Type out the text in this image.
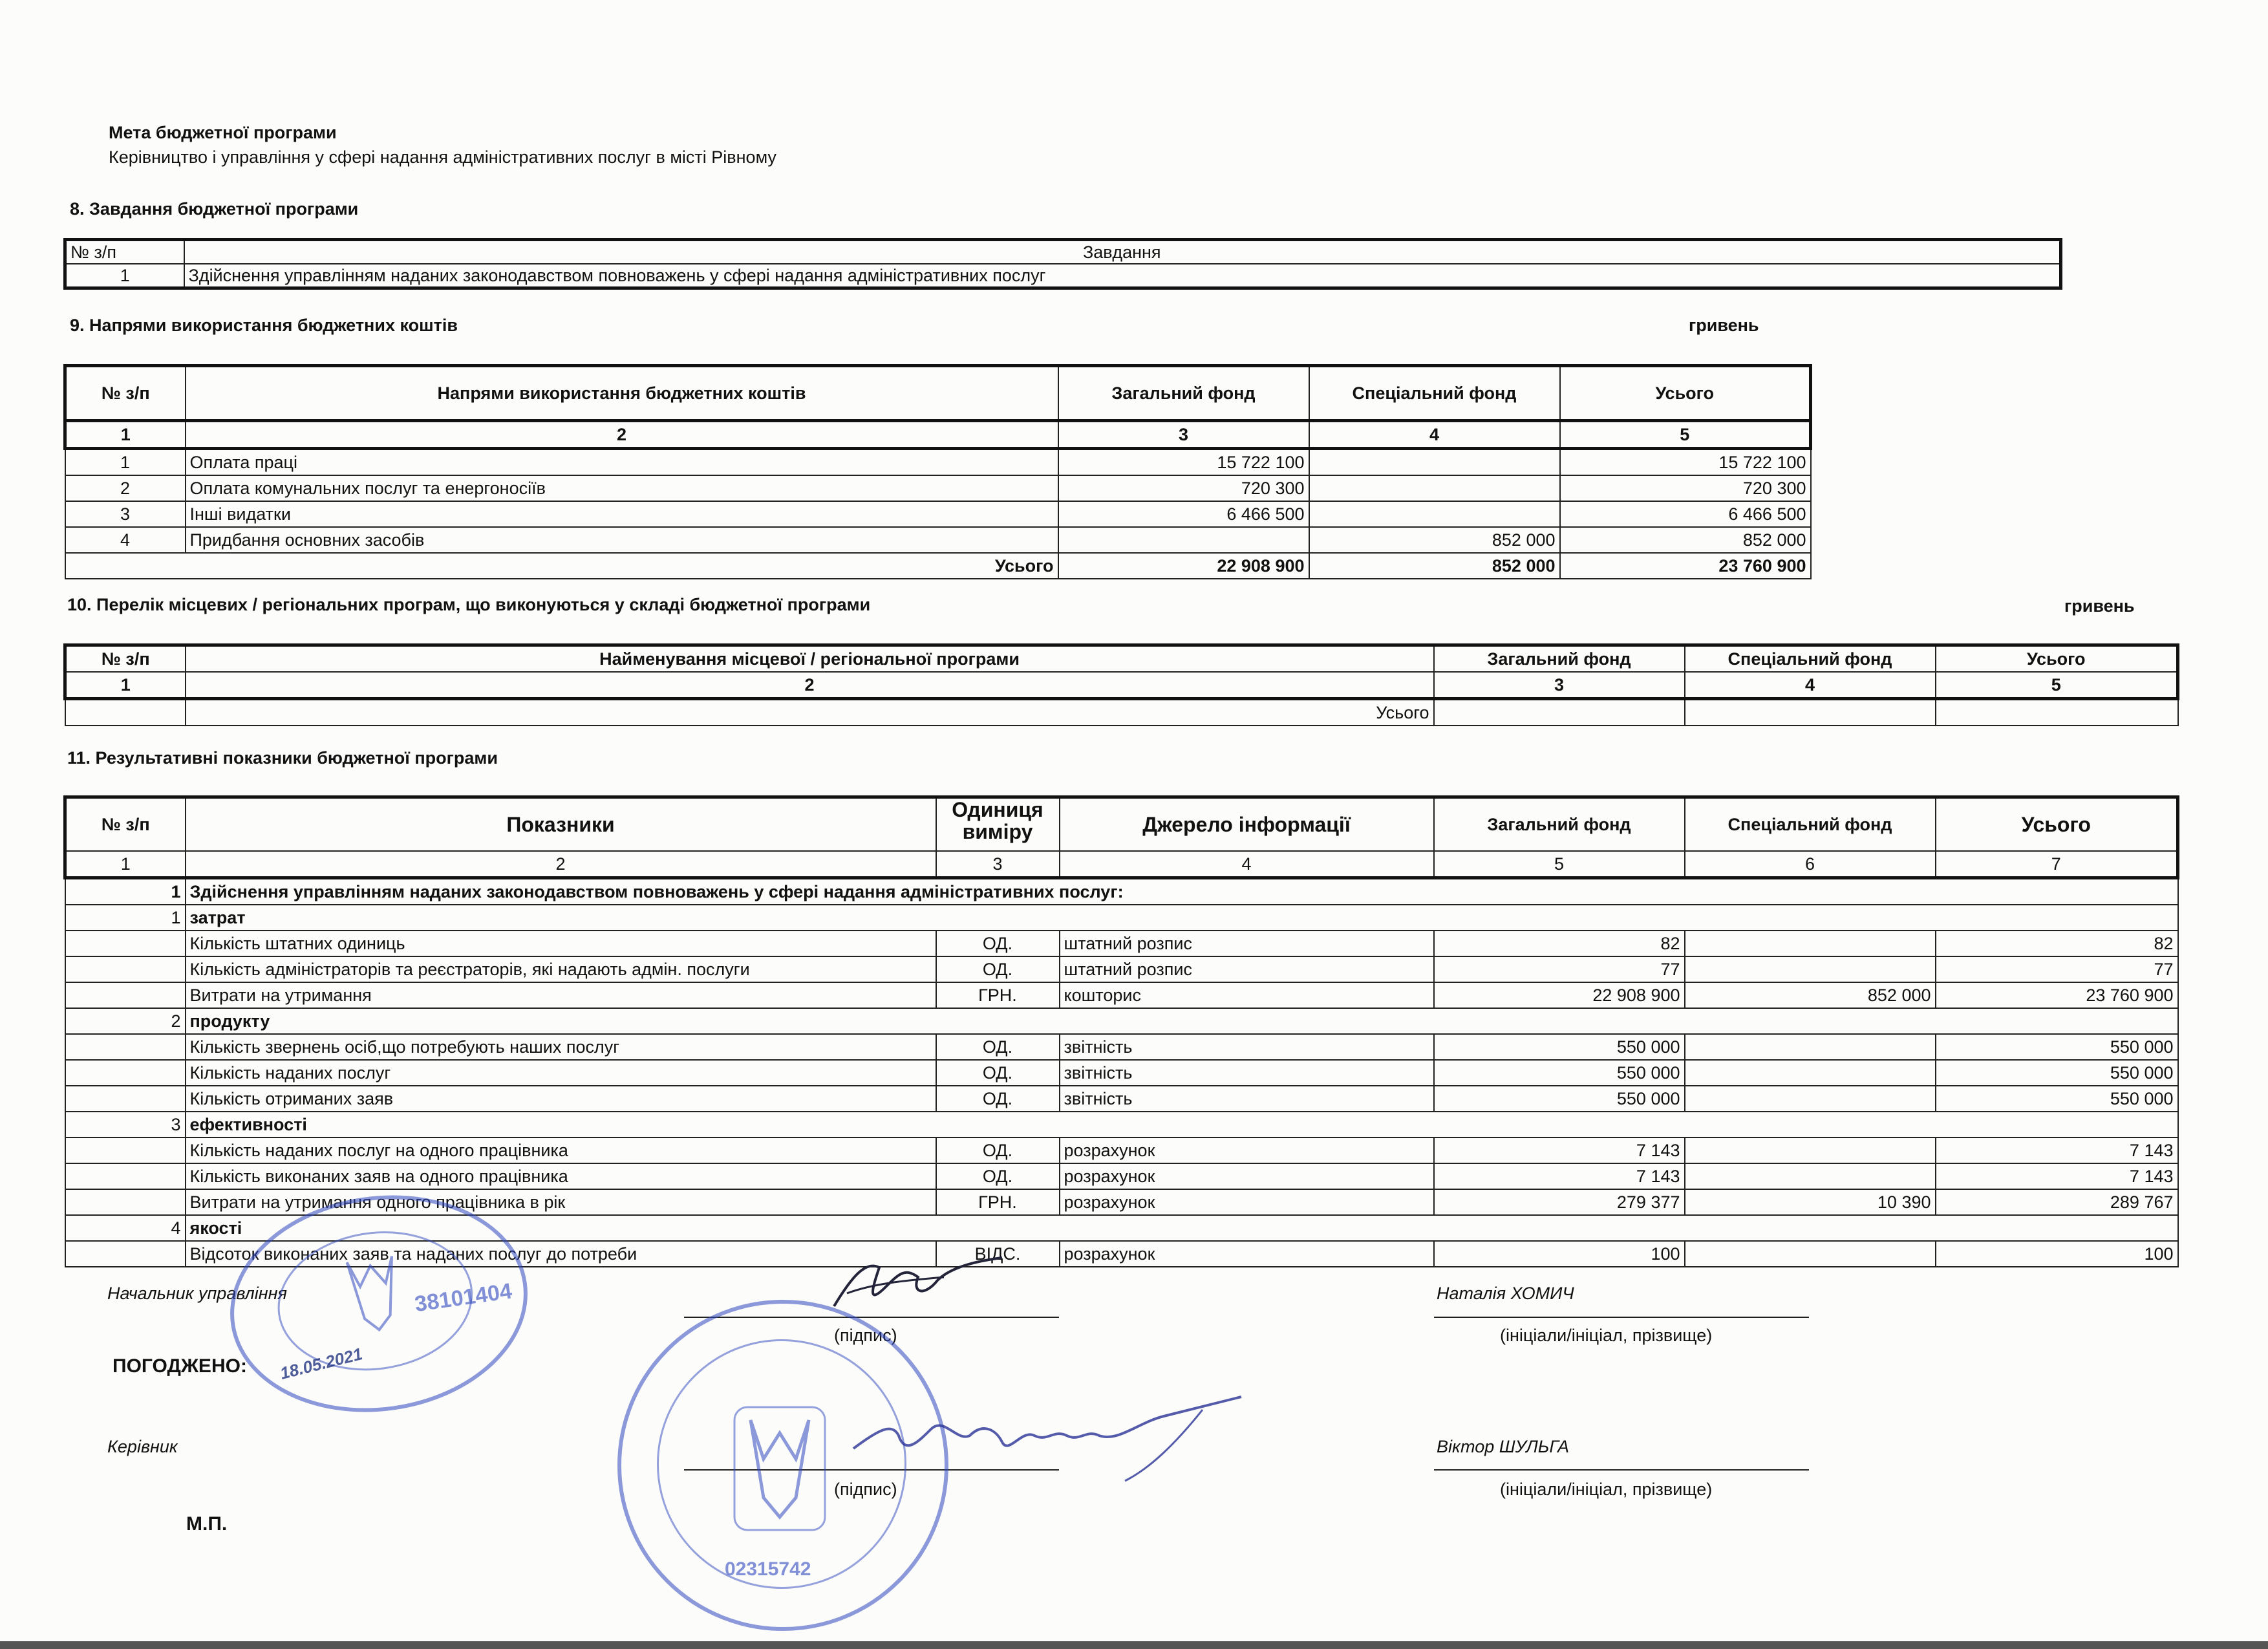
Мета бюджетної програми
Керівництво і управління у сфері надання адміністративних послуг в місті Рівному
8. Завдання бюджетної програми
№ з/п	Завдання
1	Здійснення управлінням наданих законодавством повноважень у сфері надання адміністративних послуг
9. Напрями використання бюджетних коштів	гривень
№ з/п	Напрями використання бюджетних коштів	Загальний фонд	Спеціальний фонд	Усього
1	2	3	4	5
1	Оплата праці	15 722 100		15 722 100
2	Оплата комунальних послуг та енергоносіїв	720 300		720 300
3	Інші видатки	6 466 500		6 466 500
4	Придбання основних засобів		852 000	852 000
Усього		22 908 900	852 000	23 760 900
10. Перелік місцевих / регіональних програм, що виконуються у складі бюджетної програми	гривень
№ з/п	Найменування місцевої / регіональної програми	Загальний фонд	Спеціальний фонд	Усього
1	2	3	4	5
	Усього			
11. Результативні показники бюджетної програми
№ з/п	Показники	Одиниця виміру	Джерело інформації	Загальний фонд	Спеціальний фонд	Усього
1	2	3	4	5	6	7
1	Здійснення управлінням наданих законодавством повноважень у сфері надання адміністративних послуг:					
1	затрат					
	Кількість штатних одиниць	ОД.	штатний розпис	82		82
	Кількість адміністраторів та реєстраторів, які надають адмін. послуги	ОД.	штатний розпис	77		77
	Витрати на утримання	ГРН.	кошторис	22 908 900	852 000	23 760 900
2	продукту					
	Кількість звернень осіб,що потребують наших послуг	ОД.	звітність	550 000		550 000
	Кількість наданих послуг	ОД.	звітність	550 000		550 000
	Кількість отриманих заяв	ОД.	звітність	550 000		550 000
3	ефективності					
	Кількість наданих послуг на одного працівника	ОД.	розрахунок	7 143		7 143
	Кількість виконаних заяв на одного працівника	ОД.	розрахунок	7 143		7 143
	Витрати на утримання одного працівника в рік	ГРН.	розрахунок	279 377	10 390	289 767
4	якості					
	Відсоток виконаних заяв та наданих послуг до потреби	ВІДС.	розрахунок	100		100
Начальник управління
(підпис)
Наталія ХОМИЧ
(ініціали/ініціал, прізвище)
ПОГОДЖЕНО:
Керівник
(підпис)
Віктор ШУЛЬГА
(ініціали/ініціал, прізвище)
М.П.
38101404
18.05.2021
02315742
